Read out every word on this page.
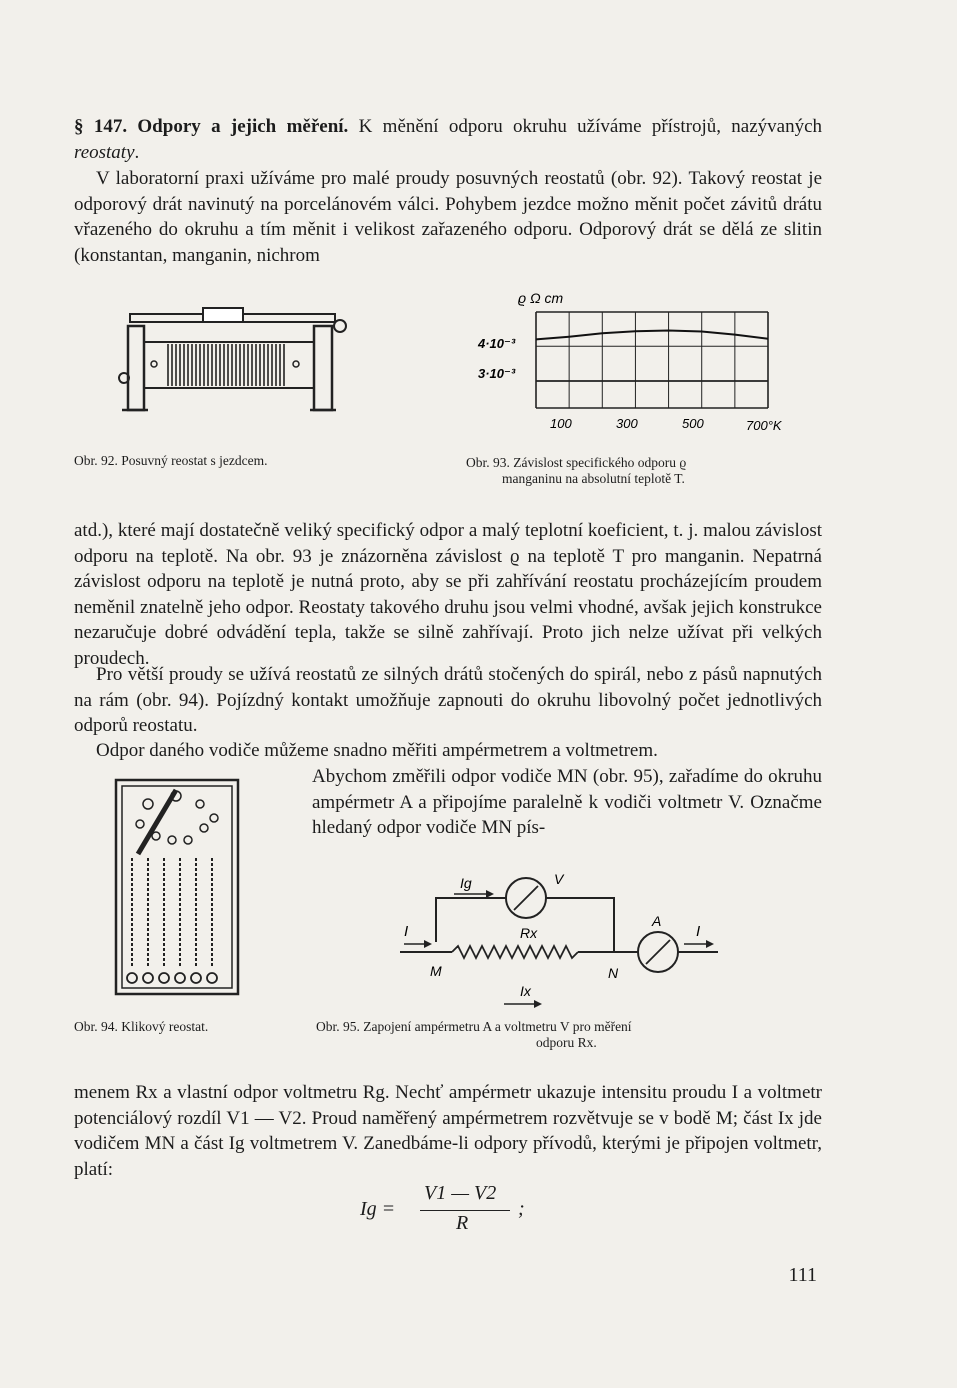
§ 147. Odpory a jejich měření. K měnění odporu okruhu užíváme přístrojů, nazývaných reostaty.

V laboratorní praxi užíváme pro malé proudy posuvných reostatů (obr. 92). Takový reostat je odporový drát navinutý na porcelánovém válci. Pohybem jezdce možno měnit počet závitů drátu vřazeného do okruhu a tím měnit i velikost zařazeného odporu. Odporový drát se dělá ze slitin (konstantan, manganin, nichrom

Obr. 92. Posuvný reostat s jezdcem.
ϱ Ω cm
4·10⁻³
3·10⁻³
100	300	500	700°K
Obr. 93. Závislost specifického odporu ϱ
manganinu na absolutní teplotě T.

atd.), které mají dostatečně veliký specifický odpor a malý teplotní koeficient, t. j. malou závislost odporu na teplotě. Na obr. 93 je znázorněna závislost ϱ na teplotě T pro manganin. Nepatrná závislost odporu na teplotě je nutná proto, aby se při zahřívání reostatu procházejícím proudem neměnil znatelně jeho odpor. Reostaty takového druhu jsou velmi vhodné, avšak jejich konstrukce nezaručuje dobré odvádění tepla, takže se silně zahřívají. Proto jich nelze užívat při velkých proudech.

Pro větší proudy se užívá reostatů ze silných drátů stočených do spirál, nebo z pásů napnutých na rám (obr. 94). Pojízdný kontakt umožňuje zapnouti do okruhu libovolný počet jednotlivých odporů reostatu.

Odpor daného vodiče můžeme snadno měřiti ampérmetrem a voltmetrem.

Abychom změřili odpor vodiče MN (obr. 95), zařadíme do okruhu ampérmetr A a připojíme paralelně k vodiči voltmetr V. Označme hledaný odpor vodiče MN pís-

Obr. 94. Klikový reostat.
Ig	V
I	Rx
A
I
M	N
Ix
Obr. 95. Zapojení ampérmetru A a voltmetru V pro měření
odporu Rx.

menem Rx a vlastní odpor voltmetru Rg. Nechť ampérmetr ukazuje intensitu proudu I a voltmetr potenciálový rozdíl V1 — V2. Proud naměřený ampérmetrem rozvětvuje se v bodě M; část Ix jde vodičem MN a část Ig voltmetrem V. Zanedbáme-li odpory přívodů, kterými je připojen voltmetr, platí:

Ig =
V1 — V2
R
;
111
